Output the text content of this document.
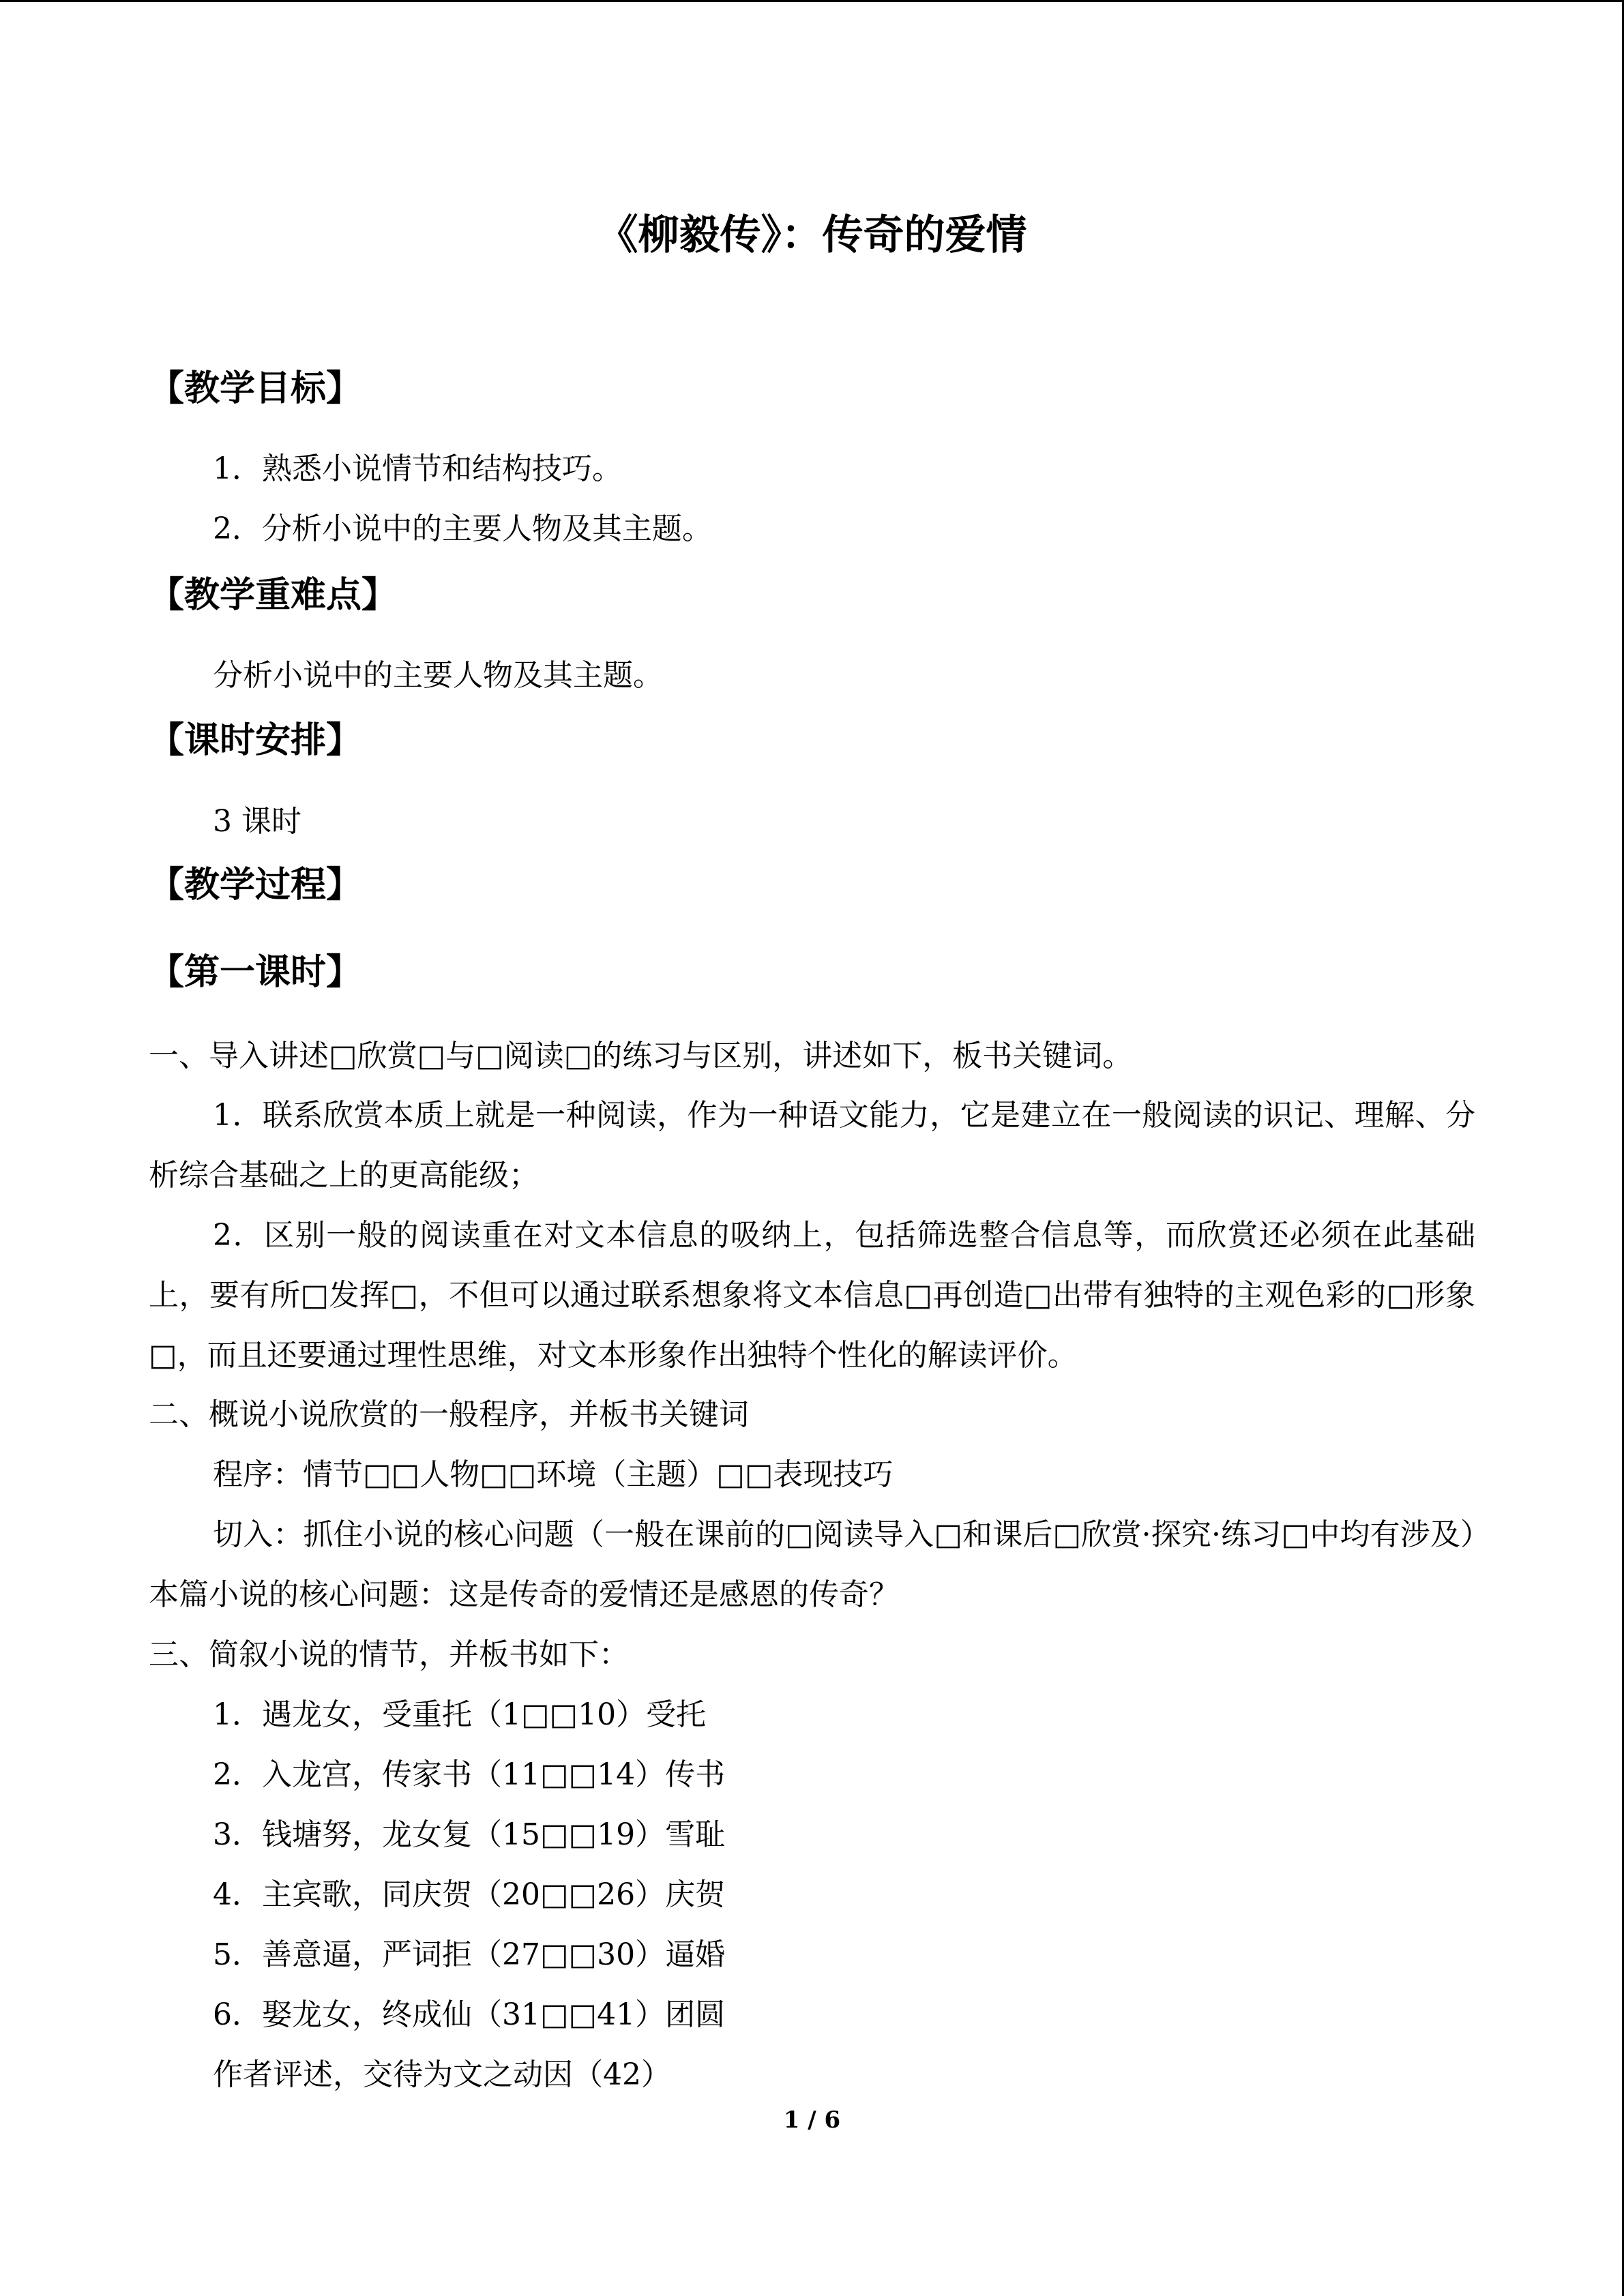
《柳毅传》：传奇的爱情
【教学目标】
1．熟悉小说情节和结构技巧。
2．分析小说中的主要人物及其主题。
【教学重难点】
分析小说中的主要人物及其主题。
【课时安排】
3 课时
【教学过程】
【第一课时】
一、导入讲述□欣赏□与□阅读□的练习与区别，讲述如下，板书关键词。
1．联系欣赏本质上就是一种阅读，作为一种语文能力，它是建立在一般阅读的识记、理解、分析综合基础之上的更高能级；
2．区别一般的阅读重在对文本信息的吸纳上，包括筛选整合信息等，而欣赏还必须在此基础上，要有所□发挥□，不但可以通过联系想象将文本信息□再创造□出带有独特的主观色彩的□形象□，而且还要通过理性思维，对文本形象作出独特个性化的解读评价。
二、概说小说欣赏的一般程序，并板书关键词
程序：情节□□人物□□环境（主题）□□表现技巧
切入：抓住小说的核心问题（一般在课前的□阅读导入□和课后□欣赏·探究·练习□中均有涉及）本篇小说的核心问题：这是传奇的爱情还是感恩的传奇？
三、简叙小说的情节，并板书如下：
1．遇龙女，受重托（1□□10）受托
2．入龙宫，传家书（11□□14）传书
3．钱塘努，龙女复（15□□19）雪耻
4．主宾歌，同庆贺（20□□26）庆贺
5．善意逼，严词拒（27□□30）逼婚
6．娶龙女，终成仙（31□□41）团圆
作者评述，交待为文之动因（42）
1 / 6
